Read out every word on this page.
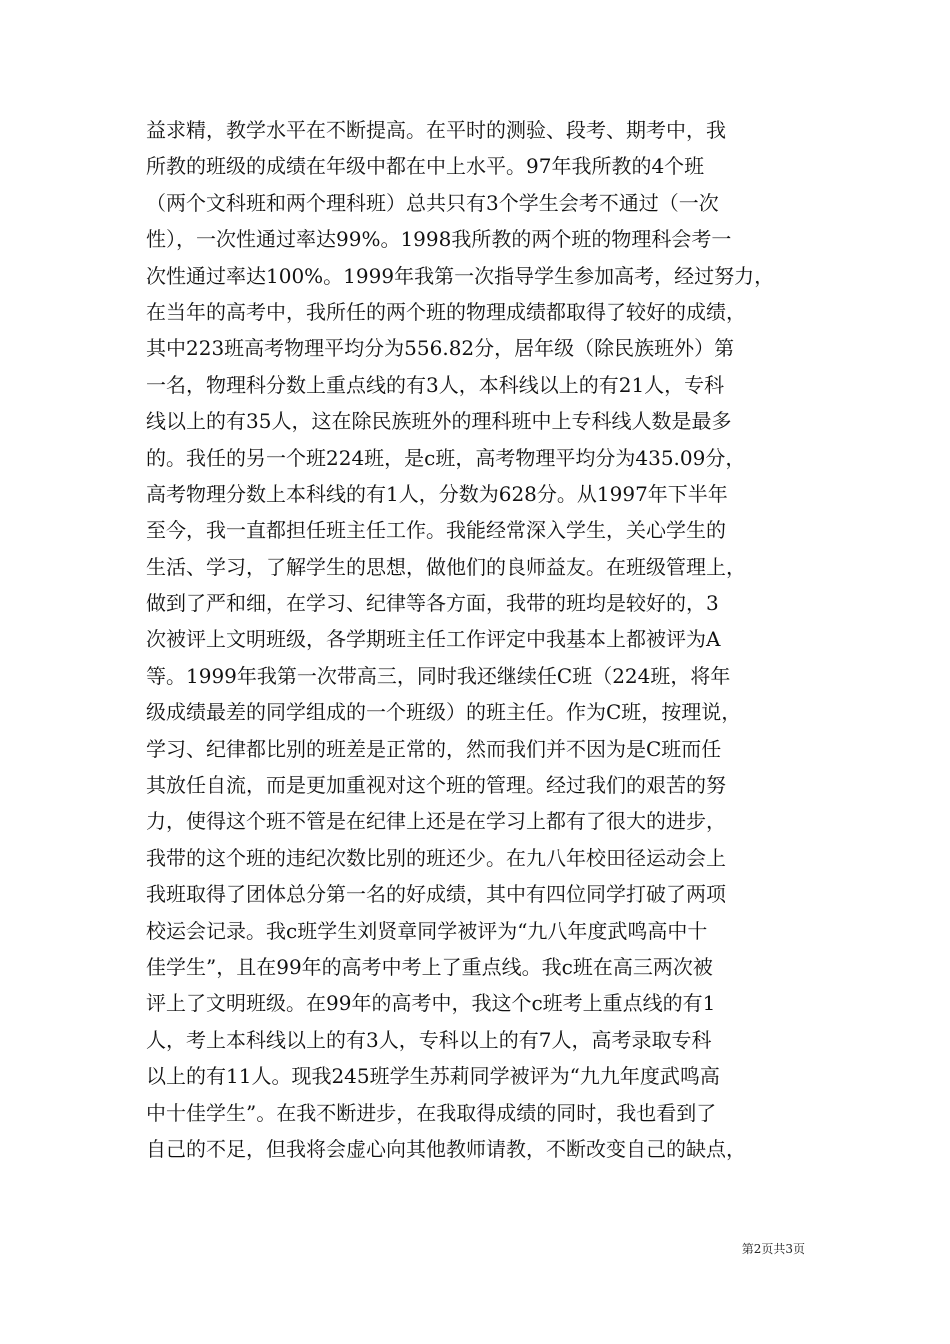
益求精，教学水平在不断提高。在平时的测验、段考、期考中，我
所教的班级的成绩在年级中都在中上水平。97年我所教的4个班
（两个文科班和两个理科班）总共只有3个学生会考不通过（一次
性），一次性通过率达99%。1998我所教的两个班的物理科会考一
次性通过率达100%。1999年我第一次指导学生参加高考，经过努力，
在当年的高考中，我所任的两个班的物理成绩都取得了较好的成绩，
其中223班高考物理平均分为556.82分，居年级（除民族班外）第
一名，物理科分数上重点线的有3人，本科线以上的有21人，专科
线以上的有35人，这在除民族班外的理科班中上专科线人数是最多
的。我任的另一个班224班，是c班，高考物理平均分为435.09分，
高考物理分数上本科线的有1人，分数为628分。从1997年下半年
至今，我一直都担任班主任工作。我能经常深入学生，关心学生的
生活、学习，了解学生的思想，做他们的良师益友。在班级管理上，
做到了严和细，在学习、纪律等各方面，我带的班均是较好的，3
次被评上文明班级，各学期班主任工作评定中我基本上都被评为A
等。1999年我第一次带高三，同时我还继续任C班（224班，将年
级成绩最差的同学组成的一个班级）的班主任。作为C班，按理说，
学习、纪律都比别的班差是正常的，然而我们并不因为是C班而任
其放任自流，而是更加重视对这个班的管理。经过我们的艰苦的努
力，使得这个班不管是在纪律上还是在学习上都有了很大的进步，
我带的这个班的违纪次数比别的班还少。在九八年校田径运动会上
我班取得了团体总分第一名的好成绩，其中有四位同学打破了两项
校运会记录。我c班学生刘贤章同学被评为“九八年度武鸣高中十
佳学生”，且在99年的高考中考上了重点线。我c班在高三两次被
评上了文明班级。在99年的高考中，我这个c班考上重点线的有1
人，考上本科线以上的有3人，专科以上的有7人，高考录取专科
以上的有11人。现我245班学生苏莉同学被评为“九九年度武鸣高
中十佳学生”。在我不断进步，在我取得成绩的同时，我也看到了
自己的不足，但我将会虚心向其他教师请教，不断改变自己的缺点，
第2页共3页
